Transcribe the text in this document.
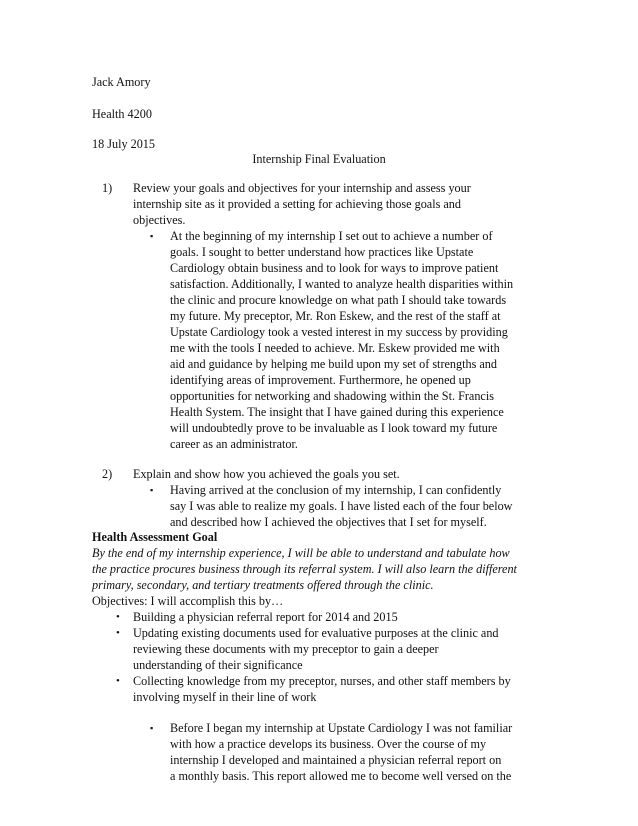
Jack Amory
Health 4200
18 July 2015
Internship Final Evaluation
1) Review your goals and objectives for your internship and assess your
internship site as it provided a setting for achieving those goals and
objectives.
▪ At the beginning of my internship I set out to achieve a number of
goals. I sought to better understand how practices like Upstate
Cardiology obtain business and to look for ways to improve patient
satisfaction. Additionally, I wanted to analyze health disparities within
the clinic and procure knowledge on what path I should take towards
my future. My preceptor, Mr. Ron Eskew, and the rest of the staff at
Upstate Cardiology took a vested interest in my success by providing
me with the tools I needed to achieve. Mr. Eskew provided me with
aid and guidance by helping me build upon my set of strengths and
identifying areas of improvement. Furthermore, he opened up
opportunities for networking and shadowing within the St. Francis
Health System. The insight that I have gained during this experience
will undoubtedly prove to be invaluable as I look toward my future
career as an administrator.
2) Explain and show how you achieved the goals you set.
▪ Having arrived at the conclusion of my internship, I can confidently
say I was able to realize my goals. I have listed each of the four below
and described how I achieved the objectives that I set for myself.
Health Assessment Goal
By the end of my internship experience, I will be able to understand and tabulate how
the practice procures business through its referral system. I will also learn the different
primary, secondary, and tertiary treatments offered through the clinic.
Objectives: I will accomplish this by…
• Building a physician referral report for 2014 and 2015
• Updating existing documents used for evaluative purposes at the clinic and
reviewing these documents with my preceptor to gain a deeper
understanding of their significance
• Collecting knowledge from my preceptor, nurses, and other staff members by
involving myself in their line of work
▪ Before I began my internship at Upstate Cardiology I was not familiar
with how a practice develops its business. Over the course of my
internship I developed and maintained a physician referral report on
a monthly basis. This report allowed me to become well versed on the
